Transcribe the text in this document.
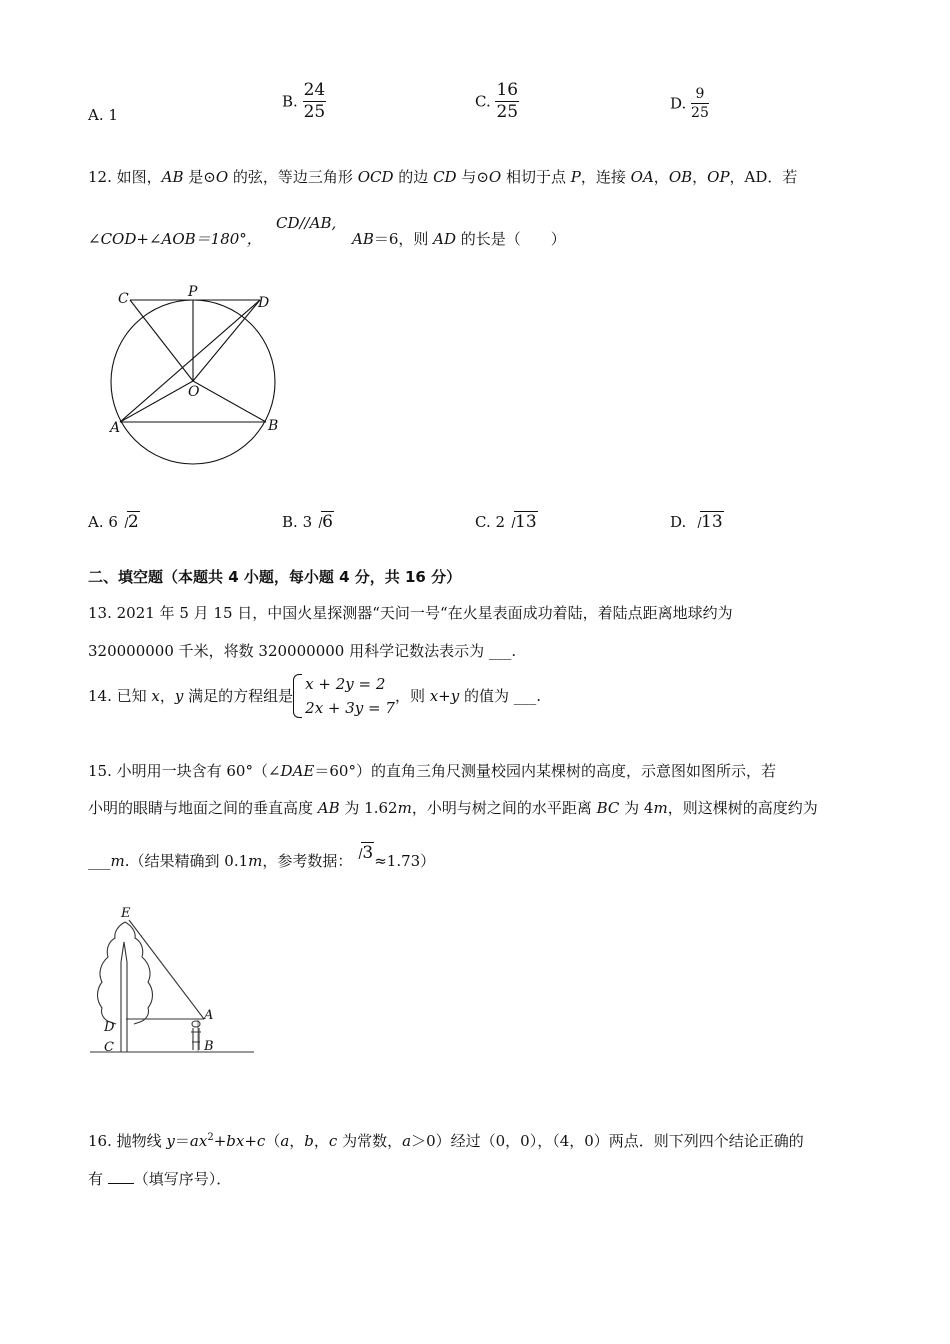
A. 1
B. $\frac{24}{25}$	C. $\frac{16}{25}$	D. $\frac{9}{25}$
12. 如图，AB 是⊙O 的弦，等边三角形 OCD 的边 CD 与⊙O 相切于点 P，连接 OA，OB，OP，AD．若
∠COD+∠AOB＝180°，
CD//AB,
AB＝6，则 AD 的长是（　　）
C	P
D
O
A	B
A. 6 2	B. 3 6	C. 2 13	D. 13
二、填空题（本题共 4 小题，每小题 4 分，共 16 分）
13. 2021 年 5 月 15 日，中国火星探测器“天问一号“在火星表面成功着陆，着陆点距离地球约为
320000000 千米，将数 320000000 用科学记数法表示为 ___.
14. 已知 x，y 满足的方程组是
x + 2y = 2
2x + 3y = 7
，则 x+y 的值为 ___.
15. 小明用一块含有 60°（∠DAE＝60°）的直角三角尺测量校园内某棵树的高度，示意图如图所示，若
小明的眼睛与地面之间的垂直高度 AB 为 1.62m，小明与树之间的水平距离 BC 为 4m，则这棵树的高度约为
___m.（结果精确到 0.1m，参考数据： 3≈1.73）
E
A
D
C	B
16. 抛物线 $y=ax^2+bx+c(a$，b，c 为常数，a＞0）经过（0，0），（4，0）两点．则下列四个结论正确的
有 （填写序号）．
